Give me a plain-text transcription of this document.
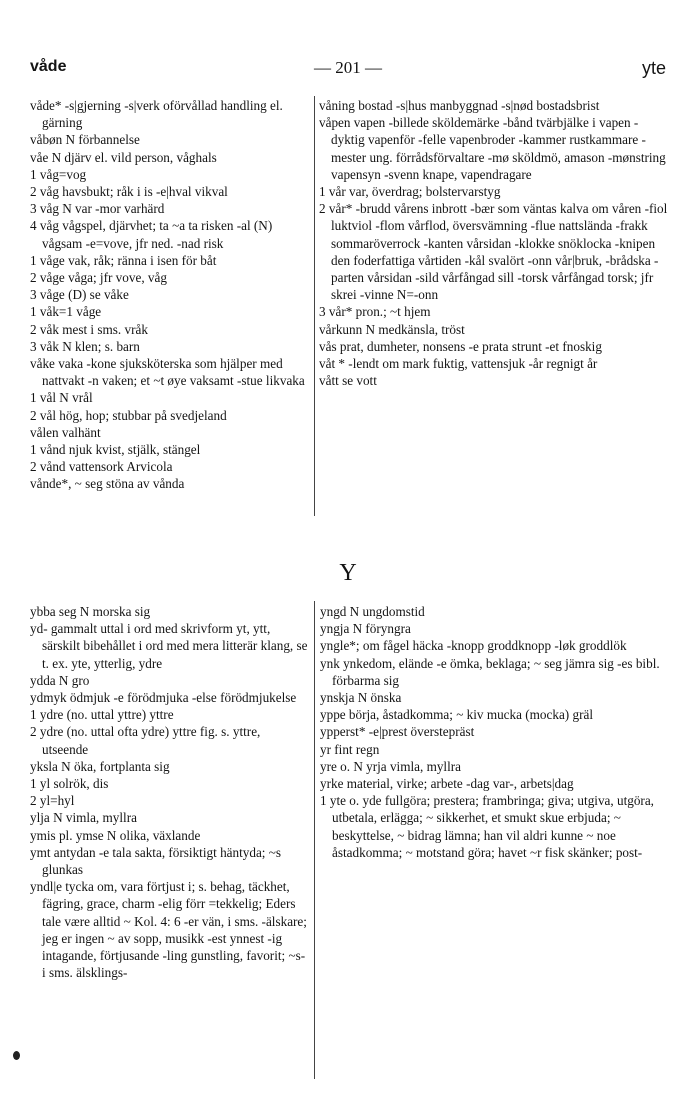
våde	— 201 —	yte

våde* -s|gjerning -s|verk oförvållad handling el. gärning

våbøn N förbannelse

våe N djärv el. vild person, våghals

1 våg=vog

2 våg havsbukt; råk i is -e|hval vikval

3 våg N var -mor varhärd

4 våg vågspel, djärvhet; ta ~a ta risken -al (N) vågsam -e=vove, jfr ned. -nad risk

1 våge vak, råk; ränna i isen för båt

2 våge våga; jfr vove, våg

3 våge (D) se våke

1 våk=1 våge

2 våk mest i sms. vråk

3 våk N klen; s. barn

våke vaka -kone sjuksköterska som hjälper med nattvakt -n vaken; et ~t øye vaksamt -stue likvaka

1 vål N vrål

2 vål hög, hop; stubbar på svedjeland

vålen valhänt

1 vånd njuk kvist, stjälk, stängel

2 vånd vattensork Arvicola

vånde*, ~ seg stöna av vånda

våning bostad -s|hus manbyggnad -s|nød bostadsbrist

våpen vapen -billede sköldemärke -bånd tvärbjälke i vapen -dyktig vapenför -felle vapenbroder -kammer rustkammare -mester ung. förrådsförvaltare -mø sköldmö, amason -mønstring vapensyn -svenn knape, vapendragare

1 vår var, överdrag; bolstervarstyg

2 vår* -brudd vårens inbrott -bær som väntas kalva om våren -fiol luktviol -flom vårflod, översvämning -flue nattslända -frakk sommaröverrock -kanten vårsidan -klokke snöklocka -knipen den foderfattiga vårtiden -kål svalört -onn vår|bruk, -brådska -parten vårsidan -sild vårfångad sill -torsk vårfångad torsk; jfr skrei -vinne N=-onn

3 vår* pron.; ~t hjem

vårkunn N medkänsla, tröst

vås prat, dumheter, nonsens -e prata strunt -et fnoskig

våt * -lendt om mark fuktig, vattensjuk -år regnigt år

vått se vott

Y

ybba seg N morska sig

yd- gammalt uttal i ord med skrivform yt, ytt, särskilt bibehållet i ord med mera litterär klang, se t. ex. yte, ytterlig, ydre

ydda N gro

ydmyk ödmjuk -e förödmjuka -else förödmjukelse

1 ydre (no. uttal yttre) yttre

2 ydre (no. uttal ofta ydre) yttre fig. s. yttre, utseende

yksla N öka, fortplanta sig

1 yl solrök, dis

2 yl=hyl

ylja N vimla, myllra

ymis pl. ymse N olika, växlande

ymt antydan -e tala sakta, försiktigt häntyda; ~s glunkas

yndl|e tycka om, vara förtjust i; s. behag, täckhet, fägring, grace, charm -elig förr =tekkelig; Eders tale være alltid ~ Kol. 4: 6 -er vän, i sms. -älskare; jeg er ingen ~ av sopp, musikk -est ynnest -ig intagande, förtjusande -ling gunstling, favorit; ~s- i sms. älsklings-

yngd N ungdomstid

yngja N föryngra

yngle*; om fågel häcka -knopp groddknopp -løk groddlök

ynk ynkedom, elände -e ömka, beklaga; ~ seg jämra sig -es bibl. förbarma sig

ynskja N önska

yppe börja, åstadkomma; ~ kiv mucka (mocka) gräl

ypperst* -e|prest överstepräst

yr fint regn

yre o. N yrja vimla, myllra

yrke material, virke; arbete -dag var-, arbets|dag

1 yte o. yde fullgöra; prestera; frambringa; giva; utgiva, utgöra, utbetala, erlägga; ~ sikkerhet, et smukt skue erbjuda; ~ beskyttelse, ~ bidrag lämna; han vil aldri kunne ~ noe åstadkomma; ~ motstand göra; havet ~r fisk skänker; post-
